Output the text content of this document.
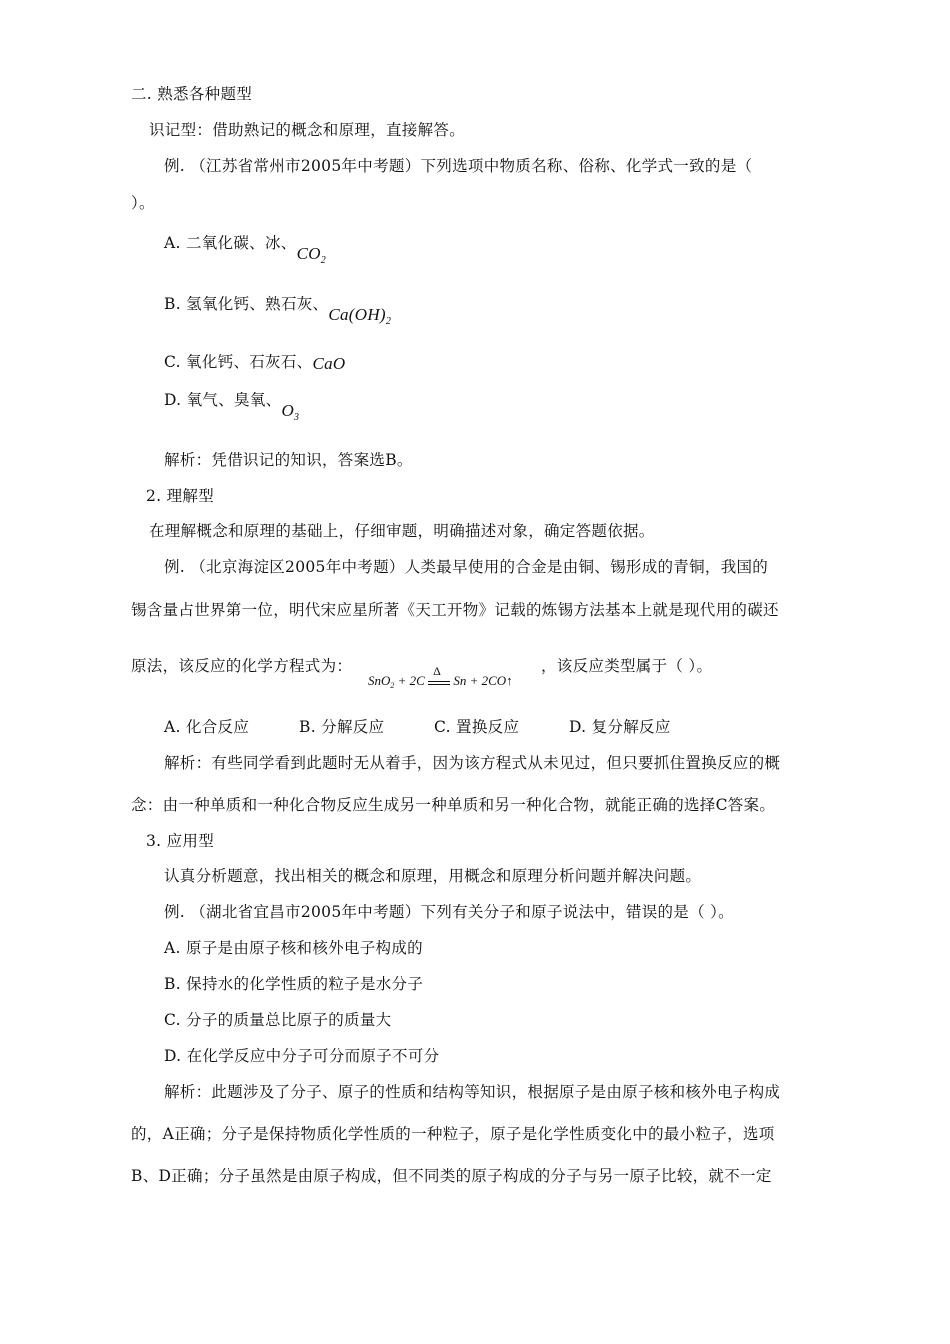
二. 熟悉各种题型
识记型：借助熟记的概念和原理，直接解答。
例. （江苏省常州市2005年中考题）下列选项中物质名称、俗称、化学式一致的是（
）。
A. 二氧化碳、冰、$CO_2$
B. 氢氧化钙、熟石灰、$Ca(OH)_2$
C. 氧化钙、石灰石、CaO
D. 氧气、臭氧、$O_3$
解析：凭借识记的知识，答案选B。
2. 理解型
在理解概念和原理的基础上，仔细审题，明确描述对象，确定答题依据。
例. （北京海淀区2005年中考题）人类最早使用的合金是由铜、锡形成的青铜，我国的
锡含量占世界第一位，明代宋应星所著《天工开物》记载的炼锡方法基本上就是现代用的碳还
原法，该反应的化学方程式为：
SnO$_2$ + 2C
Δ
Sn + 2CO↑
，该反应类型属于（ ）。
A. 化合反应	B. 分解反应	C. 置换反应	D. 复分解反应
解析：有些同学看到此题时无从着手，因为该方程式从未见过，但只要抓住置换反应的概
念：由一种单质和一种化合物反应生成另一种单质和另一种化合物，就能正确的选择C答案。
3. 应用型
认真分析题意，找出相关的概念和原理，用概念和原理分析问题并解决问题。
例. （湖北省宜昌市2005年中考题）下列有关分子和原子说法中，错误的是（ ）。
A. 原子是由原子核和核外电子构成的
B. 保持水的化学性质的粒子是水分子
C. 分子的质量总比原子的质量大
D. 在化学反应中分子可分而原子不可分
解析：此题涉及了分子、原子的性质和结构等知识，根据原子是由原子核和核外电子构成
的，A正确；分子是保持物质化学性质的一种粒子，原子是化学性质变化中的最小粒子，选项
B、D正确；分子虽然是由原子构成，但不同类的原子构成的分子与另一原子比较，就不一定
